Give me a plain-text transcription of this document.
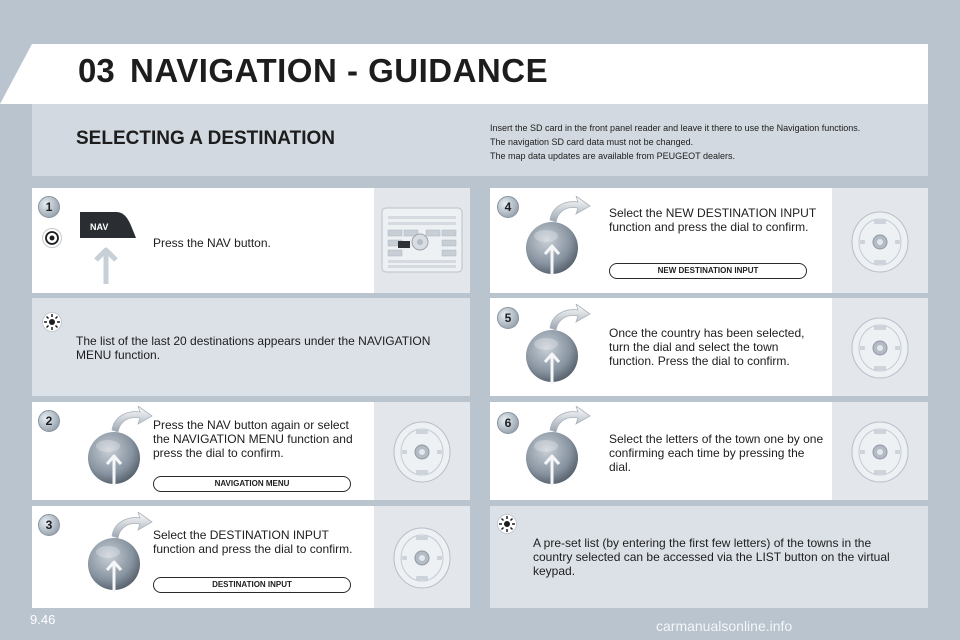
03 NAVIGATION - GUIDANCE
SELECTING A DESTINATION	Insert the SD card in the front panel reader and leave it there to use the Navigation functions.
The navigation SD card data must not be changed.
The map data updates are available from PEUGEOT dealers.
1
NAV
Press the NAV button.
The list of the last 20 destinations appears under the NAVIGATION MENU function.
2	Press the NAV button again or select the NAVIGATION MENU function and press the dial to confirm.
NAVIGATION MENU
3
Select the DESTINATION INPUT function and press the dial to confirm.
DESTINATION INPUT
4	Select the NEW DESTINATION INPUT function and press the dial to confirm.
NEW DESTINATION INPUT
5
Once the country has been selected, turn the dial and select the town function. Press the dial to confirm.
6
Select the letters of the town one by one confirming each time by pressing the dial.
A pre-set list (by entering the first few letters) of the towns in the country selected can be accessed via the LIST button on the virtual keypad.
9.46	carmanualsonline.info
